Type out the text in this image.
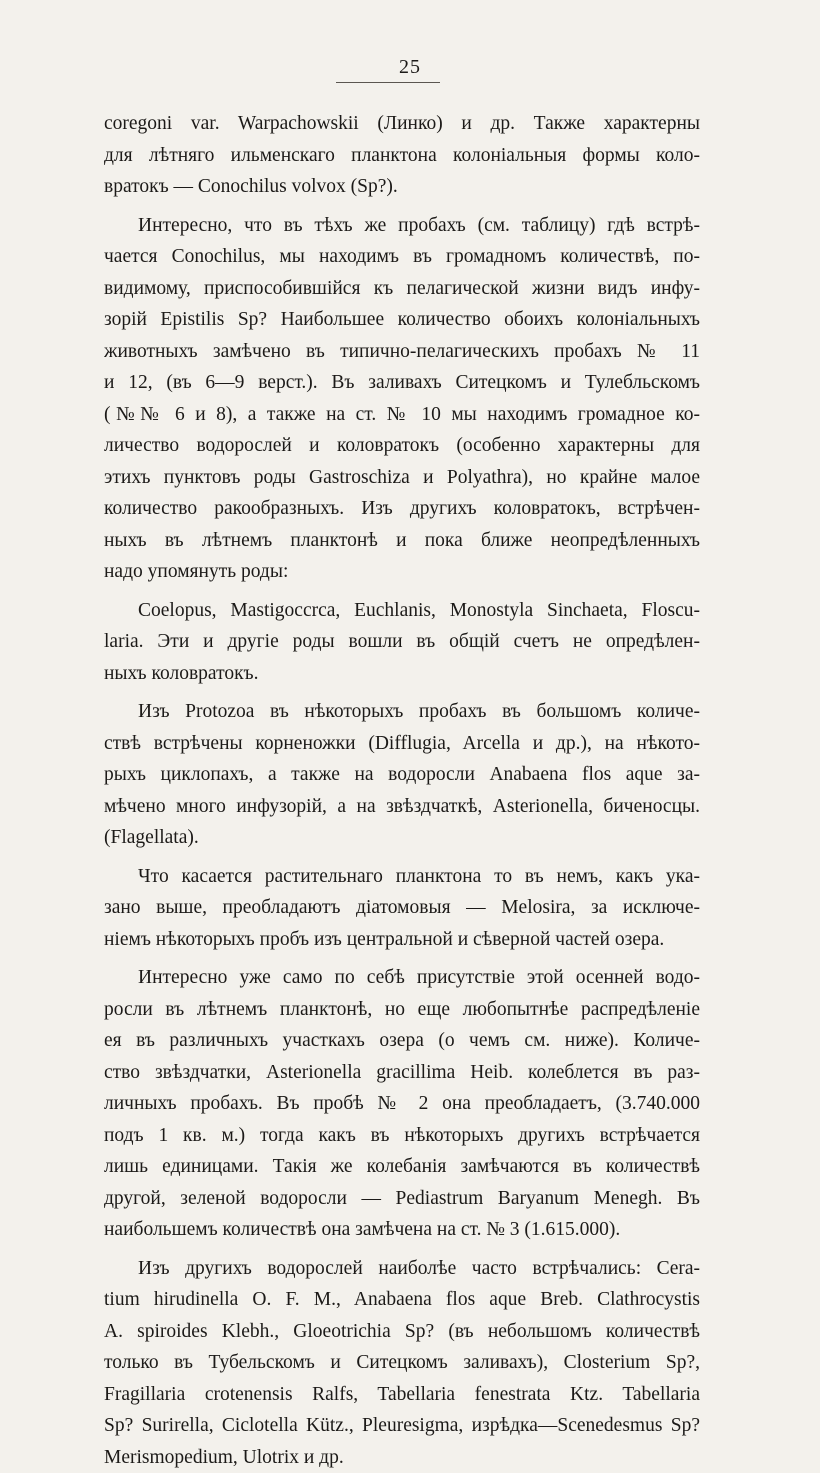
25
coregoni var. Warpachowskii (Линко) и др. Также характерны
для лѣтняго ильменскаго планктона колоніальныя формы коло-
вратокъ — Conochilus volvox (Sp?).
Интересно, что въ тѣхъ же пробахъ (см. таблицу) гдѣ встрѣ-
чается Conochilus, мы находимъ въ громадномъ количествѣ, по-
видимому, приспособившійся къ пелагической жизни видъ инфу-
зорій Epistilis Sp? Наибольшее количество обоихъ колоніальныхъ
животныхъ замѣчено въ типично-пелагическихъ пробахъ № 11
и 12, (въ 6—9 верст.). Въ заливахъ Ситецкомъ и Тулебльскомъ
(№№ 6 и 8), а также на ст. № 10 мы находимъ громадное ко-
личество водорослей и коловратокъ (особенно характерны для
этихъ пунктовъ роды Gastroschiza и Polyathra), но крайне малое
количество ракообразныхъ. Изъ другихъ коловратокъ, встрѣчен-
ныхъ въ лѣтнемъ планктонѣ и пока ближе неопредѣленныхъ
надо упомянуть роды:
Coelopus, Mastigoccrca, Euchlanis, Monostyla Sinchaeta, Floscu-
laria. Эти и другіе роды вошли въ общій счетъ не опредѣлен-
ныхъ коловратокъ.
Изъ Protozoa въ нѣкоторыхъ пробахъ въ большомъ количе-
ствѣ встрѣчены корненожки (Difflugia, Arcella и др.), на нѣкото-
рыхъ циклопахъ, а также на водоросли Anabaena flos aque за-
мѣчено много инфузорій, а на звѣздчаткѣ, Asterionella, биченосцы.
(Flagellata).
Что касается растительнаго планктона то въ немъ, какъ ука-
зано выше, преобладаютъ діатомовыя — Melosira, за исключе-
ніемъ нѣкоторыхъ пробъ изъ центральной и сѣверной частей озера.
Интересно уже само по себѣ присутствіе этой осенней водо-
росли въ лѣтнемъ планктонѣ, но еще любопытнѣе распредѣленіе
ея въ различныхъ участкахъ озера (о чемъ см. ниже). Количе-
ство звѣздчатки, Asterionella gracillima Heib. колеблется въ раз-
личныхъ пробахъ. Въ пробѣ № 2 она преобладаетъ, (3.740.000
подъ 1 кв. м.) тогда какъ въ нѣкоторыхъ другихъ встрѣчается
лишь единицами. Такія же колебанія замѣчаются въ количествѣ
другой, зеленой водоросли — Pediastrum Baryanum Menegh. Въ
наибольшемъ количествѣ она замѣчена на ст. № 3 (1.615.000).
Изъ другихъ водорослей наиболѣе часто встрѣчались: Cera-
tium hirudinella O. F. M., Anabaena flos aque Breb. Clathrocystis
A. spiroides Klebh., Gloeotrichia Sp? (въ небольшомъ количествѣ
только въ Тубельскомъ и Ситецкомъ заливахъ), Closterium Sp?,
Fragillaria crotenensis Ralfs, Tabellaria fenestrata Ktz. Tabellaria
Sp? Surirella, Ciclotella Kütz., Pleuresigma, изрѣдка—Scenedesmus Sp?
Merismopedium, Ulotrix и др.
